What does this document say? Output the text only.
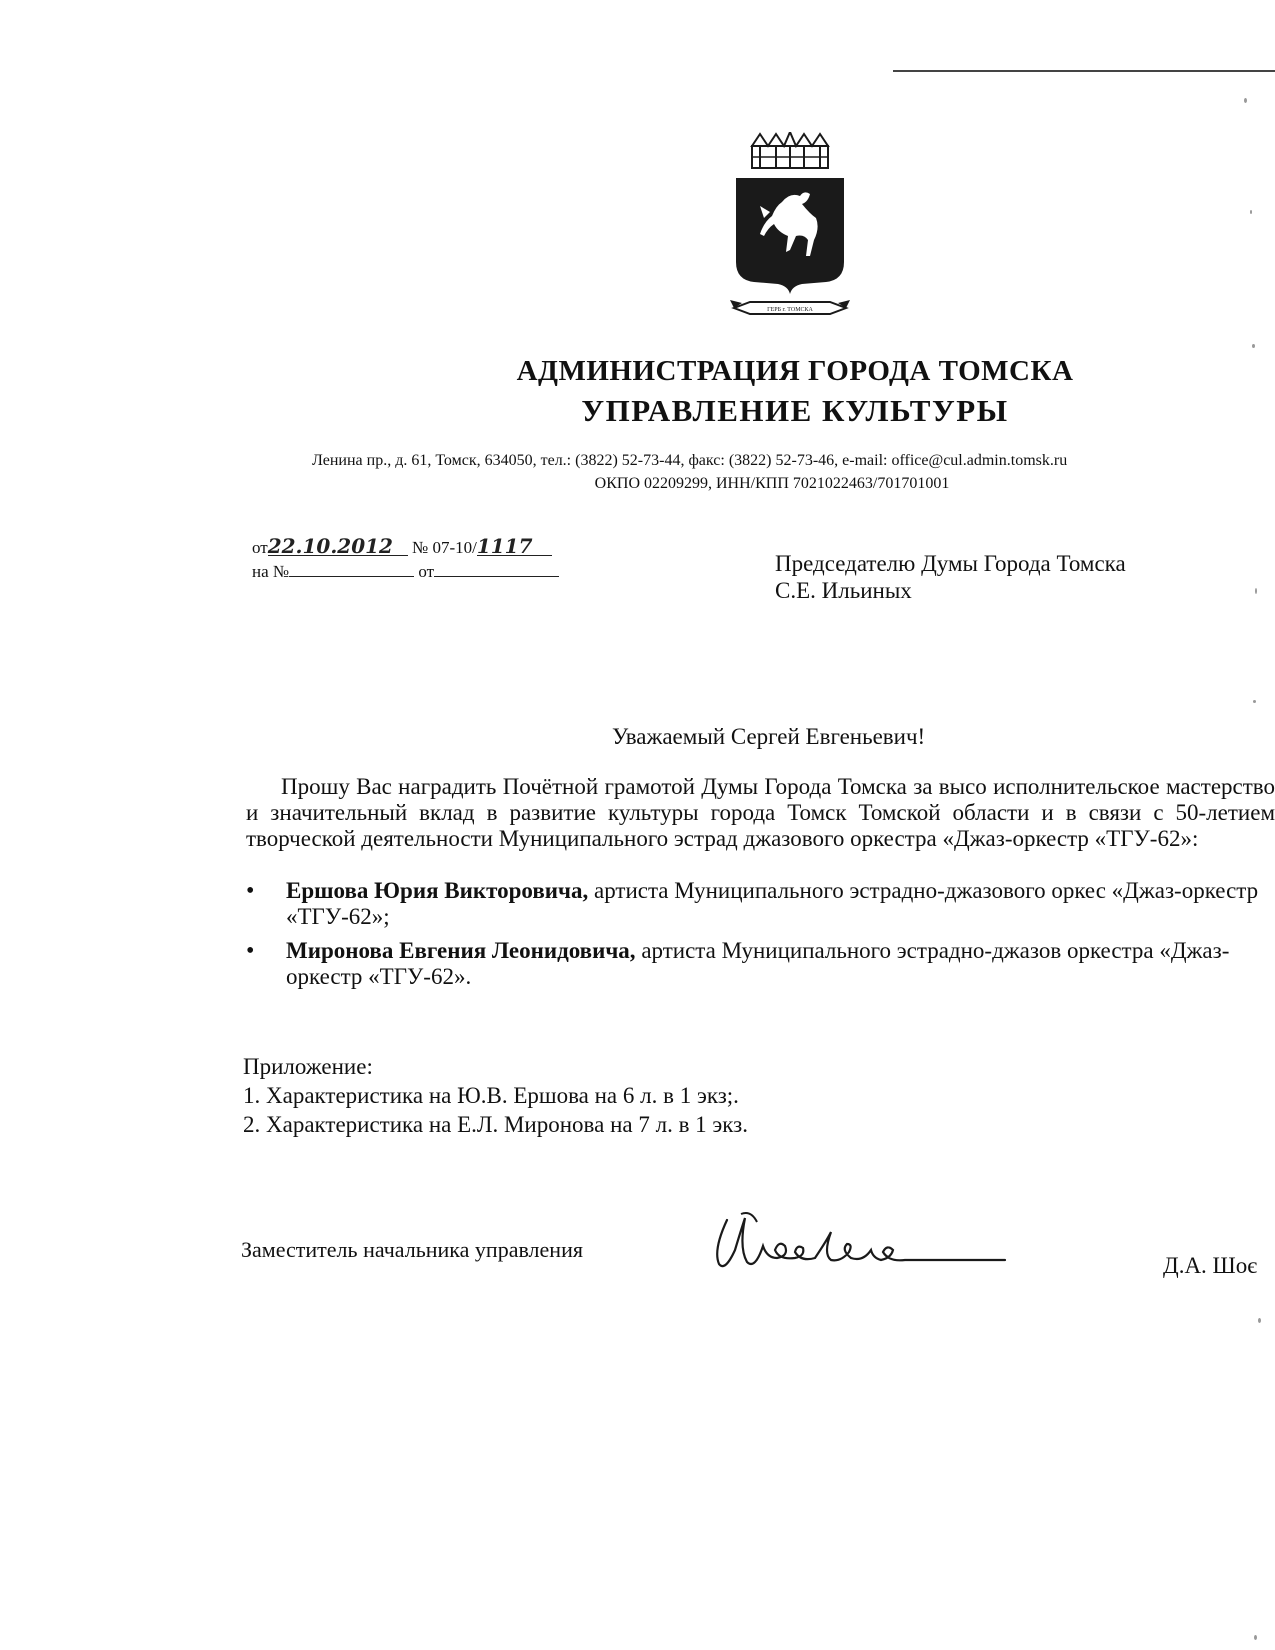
ГЕРБ г. ТОМСКА
АДМИНИСТРАЦИЯ ГОРОДА ТОМСКА
УПРАВЛЕНИЕ КУЛЬТУРЫ
Ленина пр., д. 61, Томск, 634050, тел.: (3822) 52-73-44, факс: (3822) 52-73-46, e-mail: office@cul.admin.tomsk.ru
ОКПО 02209299, ИНН/КПП 7021022463/701701001
от22.10.2012 № 07-10/1117
на №	от	Председателю Думы Города Томска
С.Е. Ильиных
Уважаемый Сергей Евгеньевич!

Прошу Вас наградить Почётной грамотой Думы Города Томска за высо исполнительское мастерство и значительный вклад в развитие культуры города Томск Томской области и в связи с 50-летием творческой деятельности Муниципального эстрад джазового оркестра «Джаз-оркестр «ТГУ-62»:

• Ершова Юрия Викторовича, артиста Муниципального эстрадно-джазового оркес «Джаз-оркестр «ТГУ-62»;
• Миронова Евгения Леонидовича, артиста Муниципального эстрадно-джазов оркестра «Джаз-оркестр «ТГУ-62».
Приложение:
1. Характеристика на Ю.В. Ершова на 6 л. в 1 экз;.
2. Характеристика на Е.Л. Миронова на 7 л. в 1 экз.
Заместитель начальника управления
Д.А. Шоє
